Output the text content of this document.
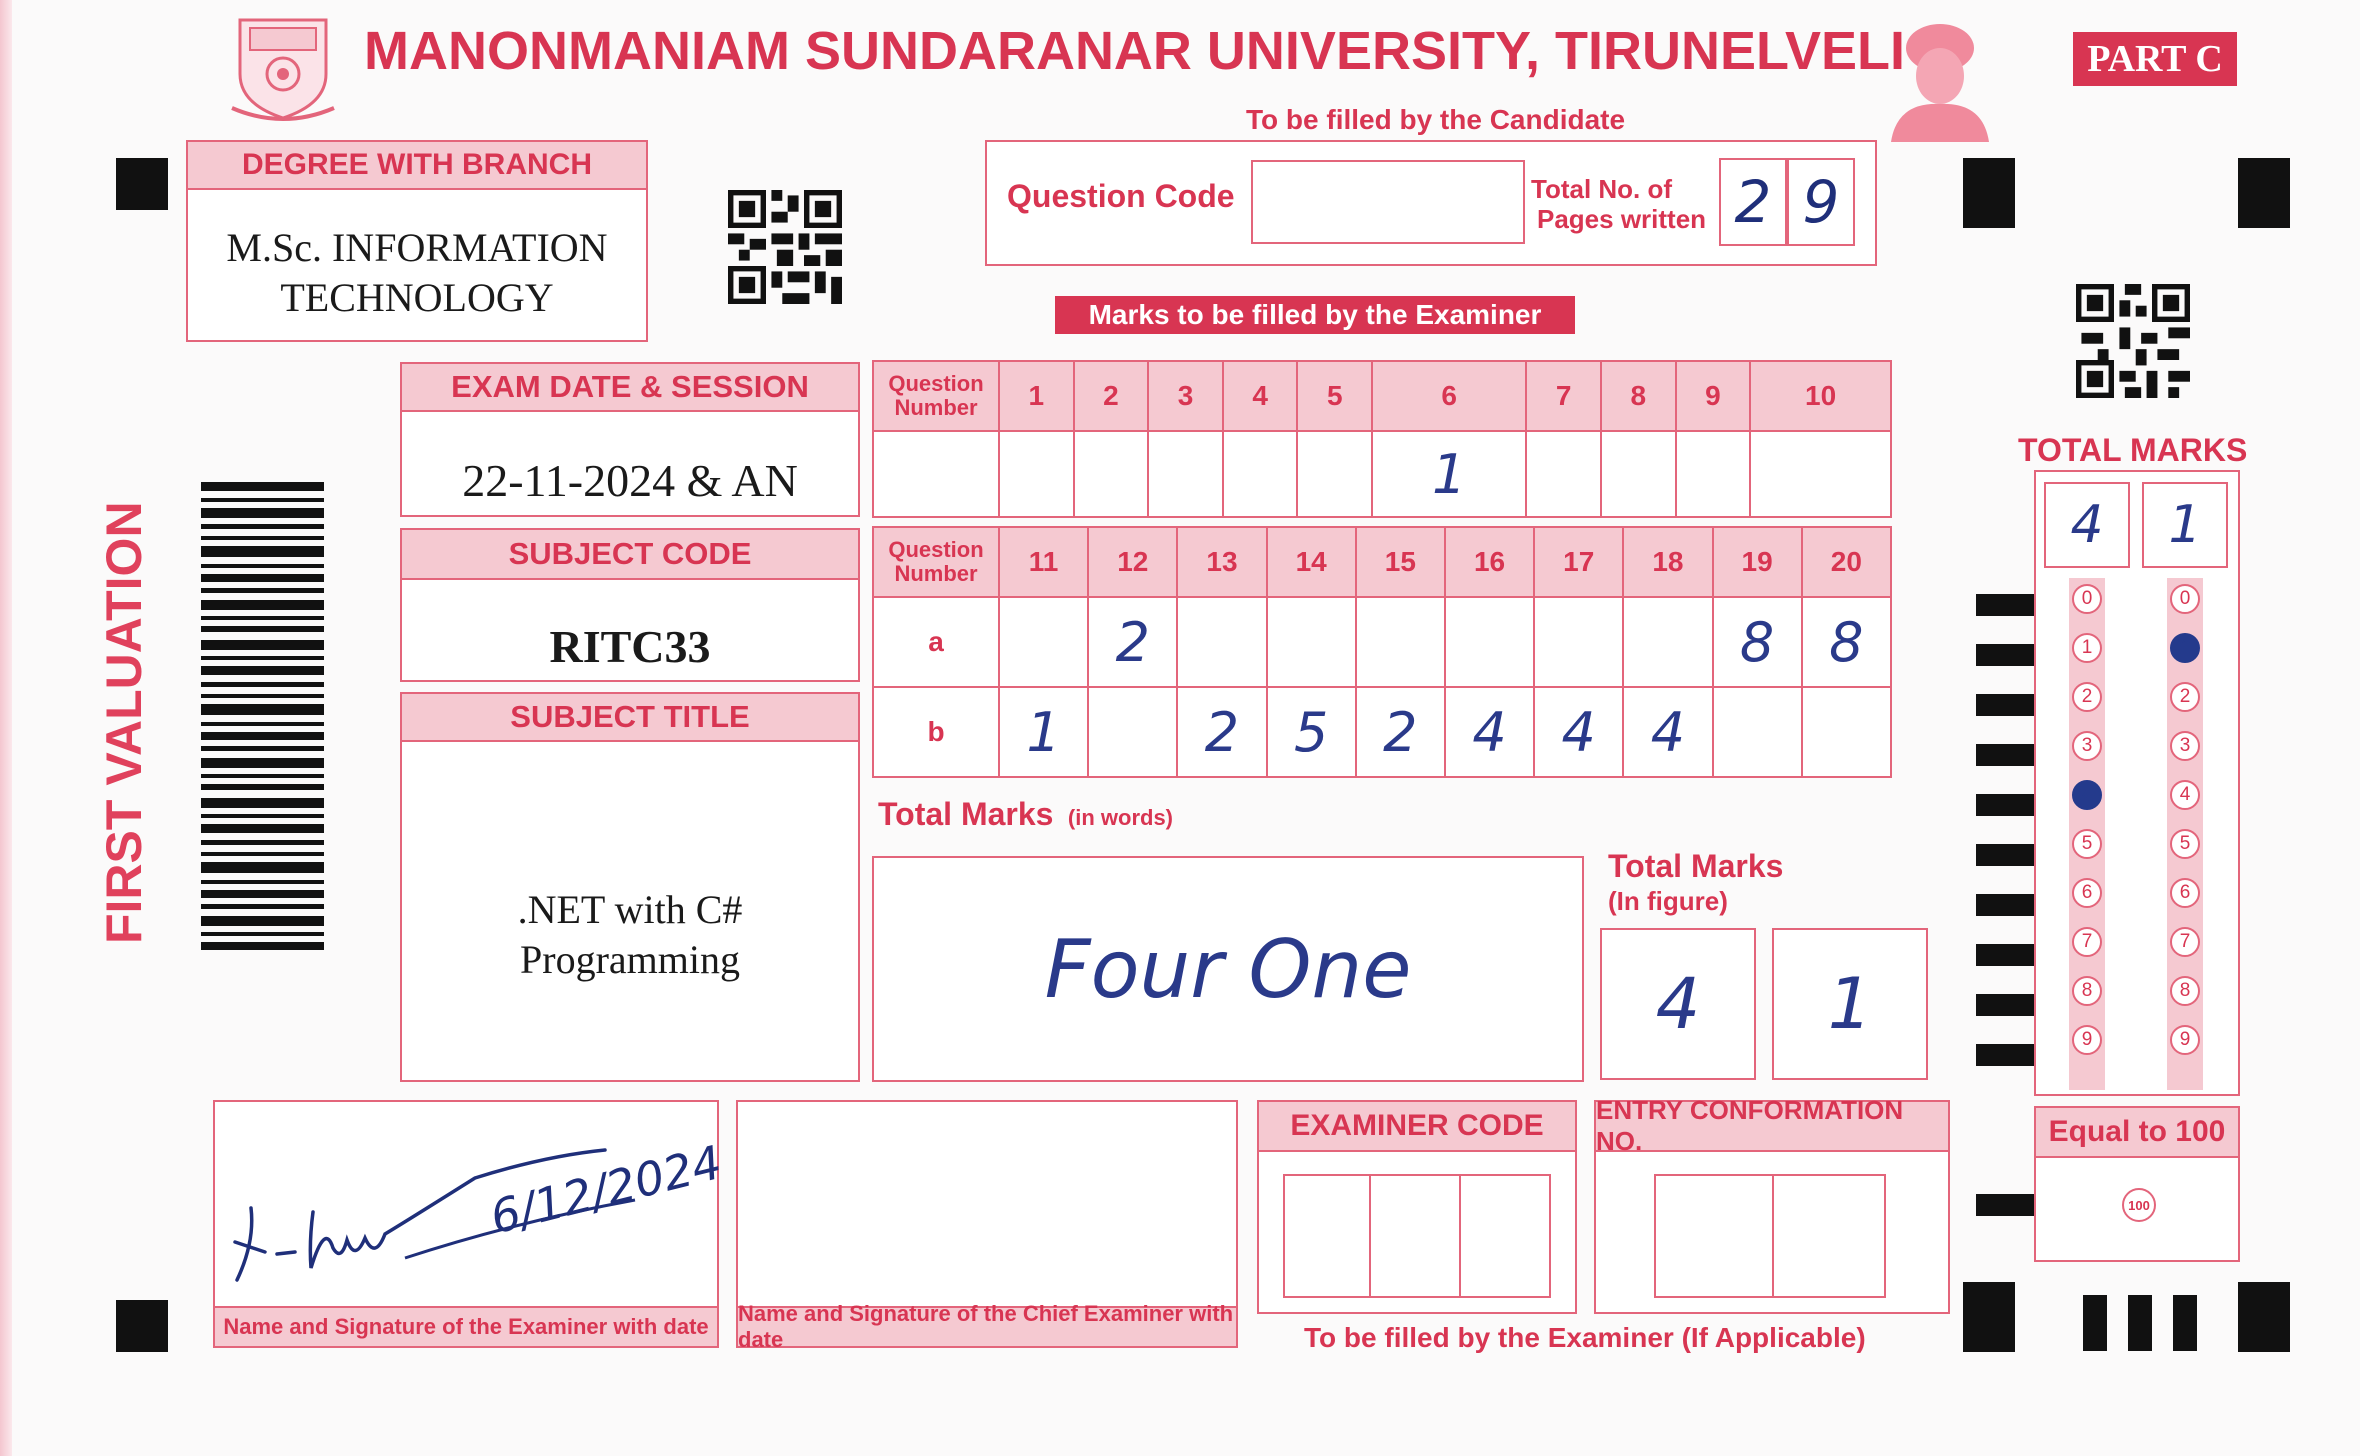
MANONMANIAM SUNDARANAR UNIVERSITY, TIRUNELVELI	PART C
To be filled by the Candidate
FIRST VALUATION
DEGREE WITH BRANCH
M.Sc. INFORMATION
TECHNOLOGY
Question Code	Total No. of
Pages written 2 9
Marks to be filled by the Examiner
EXAM DATE & SESSION
22-11-2024 & AN
SUBJECT CODE
RITC33
SUBJECT TITLE
.NET with C#
Programming
Question Number	1	2	3	4	5	6	7	8	9	10
						1				
Question Number	11	12	13	14	15	16	17	18	19	20
a		2							8	8
b	1		2	5	2	4	4	4		
Total Marks (in words)
Four One
Total Marks
(In figure)
4 1
TOTAL MARKS
4 1
0
1
2
3
4
5
6
7
8
9
0
1
2
3
4
5
6
7
8
9
Equal to 100
100
6/12/2024
Name and Signature of the Examiner with date
Name and Signature of the Chief Examiner with date
EXAMINER CODE	ENTRY CONFORMATION NO.
To be filled by the Examiner (If Applicable)
